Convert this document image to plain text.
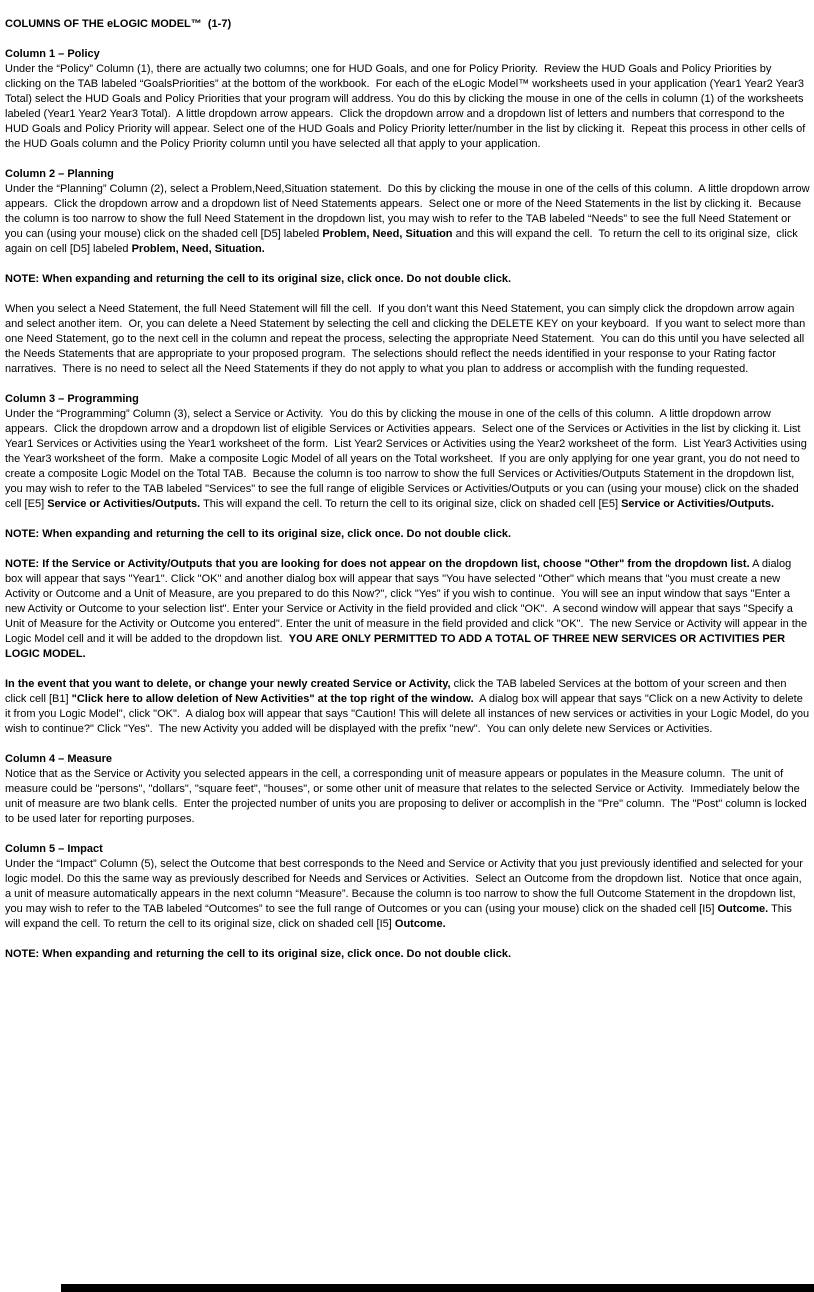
COLUMNS OF THE eLOGIC MODEL™  (1-7)
Column 1 – Policy
Under the “Policy” Column (1), there are actually two columns; one for HUD Goals, and one for Policy Priority.  Review the HUD Goals and Policy Priorities by clicking on the TAB labeled “GoalsPriorities” at the bottom of the workbook.  For each of the eLogic Model™ worksheets used in your application (Year1 Year2 Year3 Total) select the HUD Goals and Policy Priorities that your program will address. You do this by clicking the mouse in one of the cells in column (1) of the worksheets labeled (Year1 Year2 Year3 Total).  A little dropdown arrow appears.  Click the dropdown arrow and a dropdown list of letters and numbers that correspond to the HUD Goals and Policy Priority will appear. Select one of the HUD Goals and Policy Priority letter/number in the list by clicking it.  Repeat this process in other cells of the HUD Goals column and the Policy Priority column until you have selected all that apply to your application.
Column 2 – Planning
Under the “Planning” Column (2), select a Problem,Need,Situation statement.  Do this by clicking the mouse in one of the cells of this column.  A little dropdown arrow appears.  Click the dropdown arrow and a dropdown list of Need Statements appears.  Select one or more of the Need Statements in the list by clicking it.  Because the column is too narrow to show the full Need Statement in the dropdown list, you may wish to refer to the TAB labeled “Needs” to see the full Need Statement or you can (using your mouse) click on the shaded cell [D5] labeled Problem, Need, Situation and this will expand the cell.  To return the cell to its original size,  click again on cell [D5] labeled Problem, Need, Situation.
NOTE: When expanding and returning the cell to its original size, click once. Do not double click.
When you select a Need Statement, the full Need Statement will fill the cell.  If you don’t want this Need Statement, you can simply click the dropdown arrow again and select another item.  Or, you can delete a Need Statement by selecting the cell and clicking the DELETE KEY on your keyboard.  If you want to select more than one Need Statement, go to the next cell in the column and repeat the process, selecting the appropriate Need Statement.  You can do this until you have selected all the Needs Statements that are appropriate to your proposed program.  The selections should reflect the needs identified in your response to your Rating factor narratives.  There is no need to select all the Need Statements if they do not apply to what you plan to address or accomplish with the funding requested.
Column 3 – Programming
Under the “Programming” Column (3), select a Service or Activity.  You do this by clicking the mouse in one of the cells of this column.  A little dropdown arrow appears.  Click the dropdown arrow and a dropdown list of eligible Services or Activities appears.  Select one of the Services or Activities in the list by clicking it. List Year1 Services or Activities using the Year1 worksheet of the form.  List Year2 Services or Activities using the Year2 worksheet of the form.  List Year3 Activities using the Year3 worksheet of the form.  Make a composite Logic Model of all years on the Total worksheet.  If you are only applying for one year grant, you do not need to create a composite Logic Model on the Total TAB.  Because the column is too narrow to show the full Services or Activities/Outputs Statement in the dropdown list, you may wish to refer to the TAB labeled "Services" to see the full range of eligible Services or Activities/Outputs or you can (using your mouse) click on the shaded cell [E5] Service or Activities/Outputs. This will expand the cell. To return the cell to its original size, click on shaded cell [E5] Service or Activities/Outputs.
NOTE: When expanding and returning the cell to its original size, click once. Do not double click.
NOTE: If the Service or Activity/Outputs that you are looking for does not appear on the dropdown list, choose "Other" from the dropdown list. A dialog box will appear that says "Year1". Click "OK" and another dialog box will appear that says "You have selected "Other" which means that "you must create a new Activity or Outcome and a Unit of Measure, are you prepared to do this Now?", click "Yes" if you wish to continue.  You will see an input window that says "Enter a new Activity or Outcome to your selection list". Enter your Service or Activity in the field provided and click "OK".  A second window will appear that says "Specify a Unit of Measure for the Activity or Outcome you entered". Enter the unit of measure in the field provided and click "OK".  The new Service or Activity will appear in the Logic Model cell and it will be added to the dropdown list.  YOU ARE ONLY PERMITTED TO ADD A TOTAL OF THREE NEW SERVICES OR ACTIVITIES PER LOGIC MODEL.
In the event that you want to delete, or change your newly created Service or Activity, click the TAB labeled Services at the bottom of your screen and then click cell [B1] "Click here to allow deletion of New Activities" at the top right of the window.  A dialog box will appear that says "Click on a new Activity to delete it from you Logic Model", click "OK".  A dialog box will appear that says "Caution! This will delete all instances of new services or activities in your Logic Model, do you wish to continue?" Click "Yes".  The new Activity you added will be displayed with the prefix "new".  You can only delete new Services or Activities.
Column 4 – Measure
Notice that as the Service or Activity you selected appears in the cell, a corresponding unit of measure appears or populates in the Measure column.  The unit of measure could be "persons", "dollars", "square feet", "houses", or some other unit of measure that relates to the selected Service or Activity.  Immediately below the unit of measure are two blank cells.  Enter the projected number of units you are proposing to deliver or accomplish in the "Pre" column.  The "Post" column is locked to be used later for reporting purposes.
Column 5 – Impact
Under the “Impact” Column (5), select the Outcome that best corresponds to the Need and Service or Activity that you just previously identified and selected for your logic model. Do this the same way as previously described for Needs and Services or Activities.  Select an Outcome from the dropdown list.  Notice that once again, a unit of measure automatically appears in the next column “Measure”. Because the column is too narrow to show the full Outcome Statement in the dropdown list, you may wish to refer to the TAB labeled “Outcomes” to see the full range of Outcomes or you can (using your mouse) click on the shaded cell [I5] Outcome. This will expand the cell. To return the cell to its original size, click on shaded cell [I5] Outcome.
NOTE: When expanding and returning the cell to its original size, click once. Do not double click.
